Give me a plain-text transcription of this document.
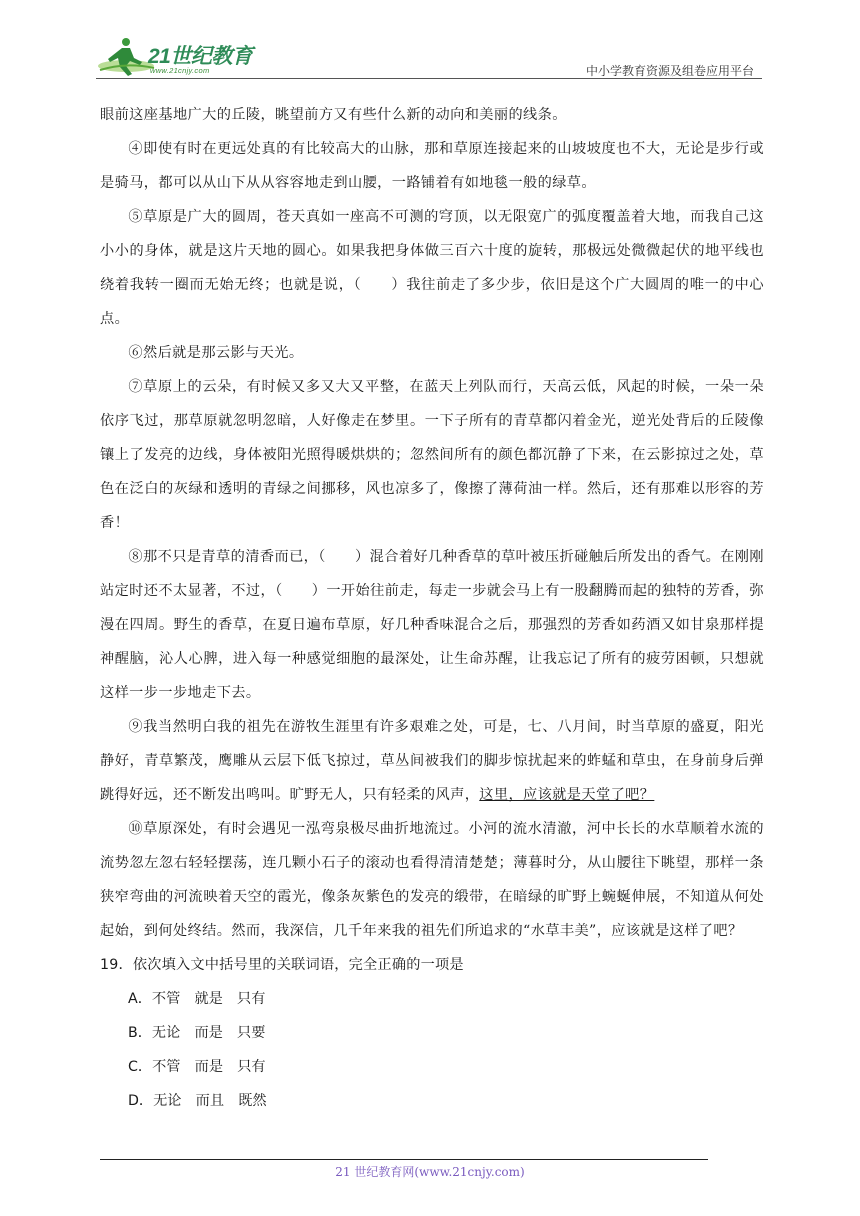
21世纪教育
www.21cnjy.com	中小学教育资源及组卷应用平台

眼前这座基地广大的丘陵，眺望前方又有些什么新的动向和美丽的线条。

④即使有时在更远处真的有比较高大的山脉，那和草原连接起来的山坡坡度也不大，无论是步行或是骑马，都可以从山下从从容容地走到山腰，一路铺着有如地毯一般的绿草。

⑤草原是广大的圆周，苍天真如一座高不可测的穹顶，以无限宽广的弧度覆盖着大地，而我自己这小小的身体，就是这片天地的圆心。如果我把身体做三百六十度的旋转，那极远处微微起伏的地平线也绕着我转一圈而无始无终；也就是说，（　　）我往前走了多少步，依旧是这个广大圆周的唯一的中心点。

⑥然后就是那云影与天光。

⑦草原上的云朵，有时候又多又大又平整，在蓝天上列队而行，天高云低，风起的时候，一朵一朵依序飞过，那草原就忽明忽暗，人好像走在梦里。一下子所有的青草都闪着金光，逆光处背后的丘陵像镶上了发亮的边线，身体被阳光照得暖烘烘的；忽然间所有的颜色都沉静了下来，在云影掠过之处，草色在泛白的灰绿和透明的青绿之间挪移，风也凉多了，像擦了薄荷油一样。然后，还有那难以形容的芳香！

⑧那不只是青草的清香而已，（　　）混合着好几种香草的草叶被压折碰触后所发出的香气。在刚刚站定时还不太显著，不过，（　　）一开始往前走，每走一步就会马上有一股翻腾而起的独特的芳香，弥漫在四周。野生的香草，在夏日遍布草原，好几种香味混合之后，那强烈的芳香如药酒又如甘泉那样提神醒脑，沁人心脾，进入每一种感觉细胞的最深处，让生命苏醒，让我忘记了所有的疲劳困顿，只想就这样一步一步地走下去。

⑨我当然明白我的祖先在游牧生涯里有许多艰难之处，可是，七、八月间，时当草原的盛夏，阳光静好，青草繁茂，鹰雕从云层下低飞掠过，草丛间被我们的脚步惊扰起来的蚱蜢和草虫，在身前身后弹跳得好远，还不断发出鸣叫。旷野无人，只有轻柔的风声，这里，应该就是天堂了吧？

⑩草原深处，有时会遇见一泓弯泉极尽曲折地流过。小河的流水清澈，河中长长的水草顺着水流的流势忽左忽右轻轻摆荡，连几颗小石子的滚动也看得清清楚楚；薄暮时分，从山腰往下眺望，那样一条狭窄弯曲的河流映着天空的霞光，像条灰紫色的发亮的缎带，在暗绿的旷野上蜿蜒伸展，不知道从何处起始，到何处终结。然而，我深信，几千年来我的祖先们所追求的“水草丰美”，应该就是这样了吧？

19．依次填入文中括号里的关联词语，完全正确的一项是

A．不管　就是　只有

B．无论　而是　只要

C．不管　而是　只有

D．无论　而且　既然

21 世纪教育网(www.21cnjy.com)
